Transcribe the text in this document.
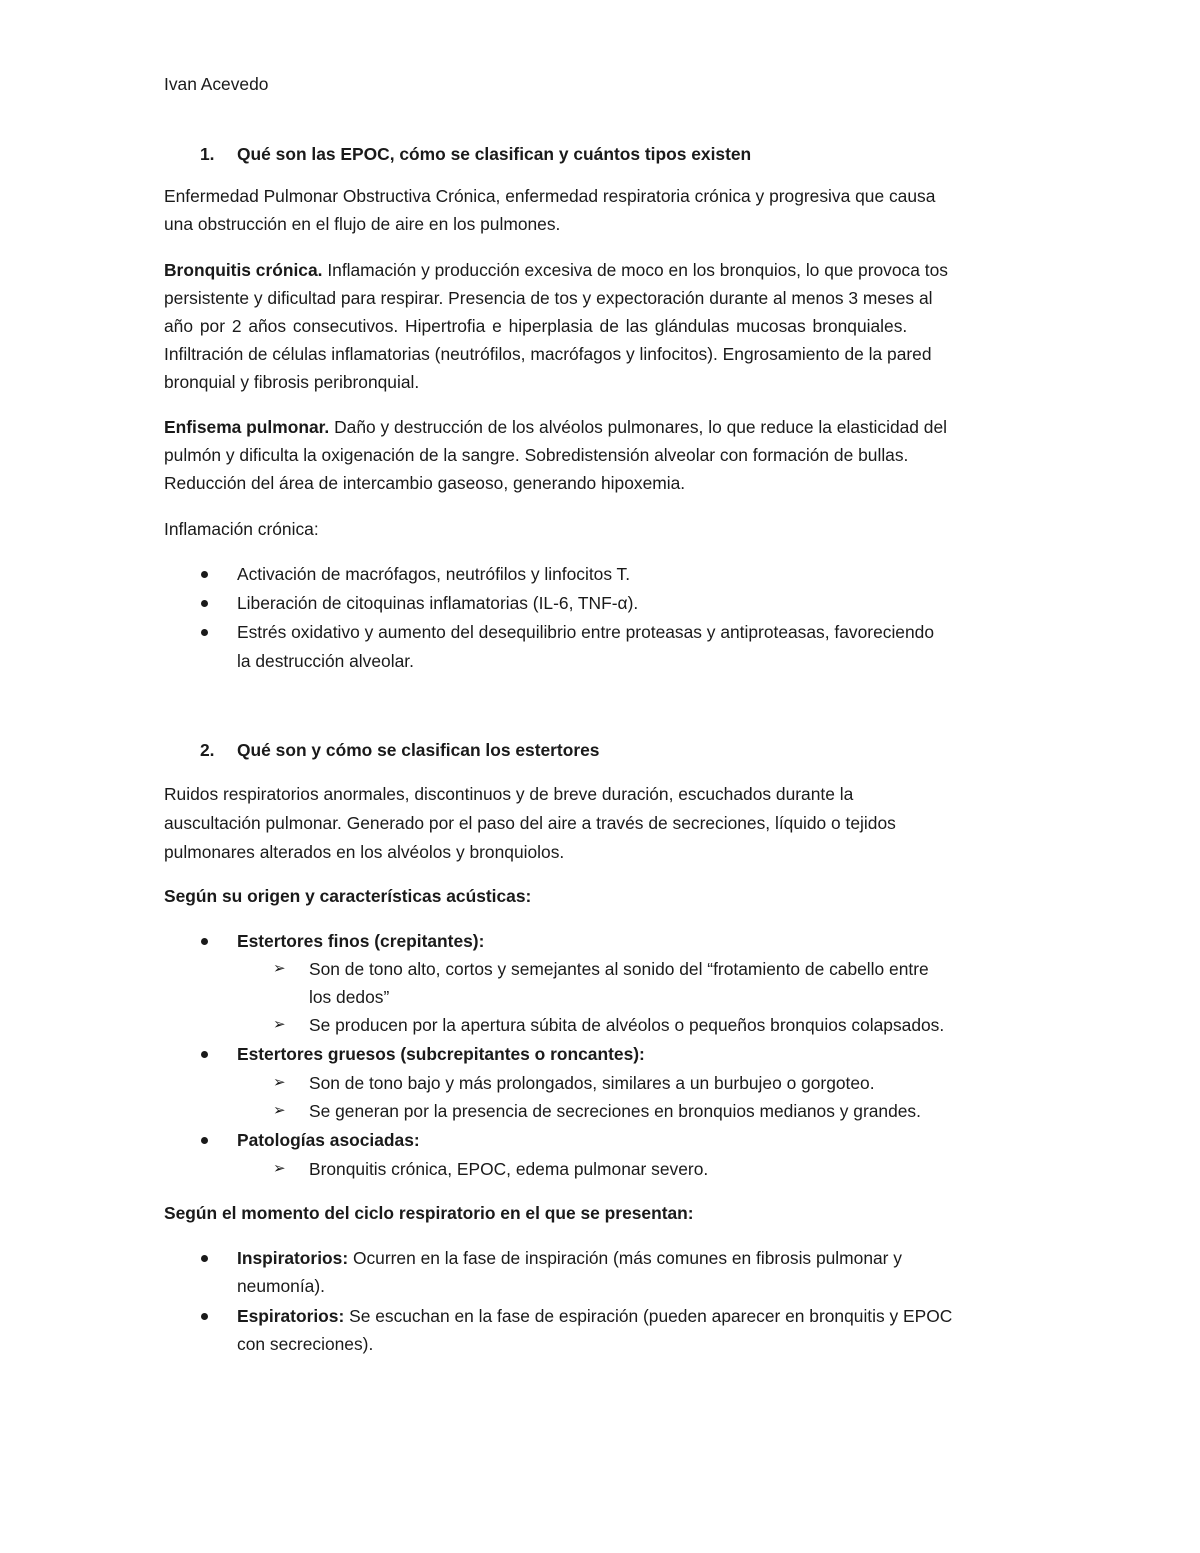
Ivan Acevedo
1. Qué son las EPOC, cómo se clasifican y cuántos tipos existen
Enfermedad Pulmonar Obstructiva Crónica, enfermedad respiratoria crónica y progresiva que causa
una obstrucción en el flujo de aire en los pulmones.
Bronquitis crónica. Inflamación y producción excesiva de moco en los bronquios, lo que provoca tos
persistente y dificultad para respirar. Presencia de tos y expectoración durante al menos 3 meses al
año por 2 años consecutivos. Hipertrofia e hiperplasia de las glándulas mucosas bronquiales.
Infiltración de células inflamatorias (neutrófilos, macrófagos y linfocitos). Engrosamiento de la pared
bronquial y fibrosis peribronquial.
Enfisema pulmonar. Daño y destrucción de los alvéolos pulmonares, lo que reduce la elasticidad del
pulmón y dificulta la oxigenación de la sangre. Sobredistensión alveolar con formación de bullas.
Reducción del área de intercambio gaseoso, generando hipoxemia.
Inflamación crónica:
Activación de macrófagos, neutrófilos y linfocitos T.
Liberación de citoquinas inflamatorias (IL-6, TNF-α).
Estrés oxidativo y aumento del desequilibrio entre proteasas y antiproteasas, favoreciendo
la destrucción alveolar.
2. Qué son y cómo se clasifican los estertores
Ruidos respiratorios anormales, discontinuos y de breve duración, escuchados durante la
auscultación pulmonar. Generado por el paso del aire a través de secreciones, líquido o tejidos
pulmonares alterados en los alvéolos y bronquiolos.
Según su origen y características acústicas:
Estertores finos (crepitantes):
➢ Son de tono alto, cortos y semejantes al sonido del “frotamiento de cabello entre
los dedos”
➢ Se producen por la apertura súbita de alvéolos o pequeños bronquios colapsados.
Estertores gruesos (subcrepitantes o roncantes):
➢ Son de tono bajo y más prolongados, similares a un burbujeo o gorgoteo.
➢ Se generan por la presencia de secreciones en bronquios medianos y grandes.
Patologías asociadas:
➢ Bronquitis crónica, EPOC, edema pulmonar severo.
Según el momento del ciclo respiratorio en el que se presentan:
Inspiratorios: Ocurren en la fase de inspiración (más comunes en fibrosis pulmonar y
neumonía).
Espiratorios: Se escuchan en la fase de espiración (pueden aparecer en bronquitis y EPOC
con secreciones).
